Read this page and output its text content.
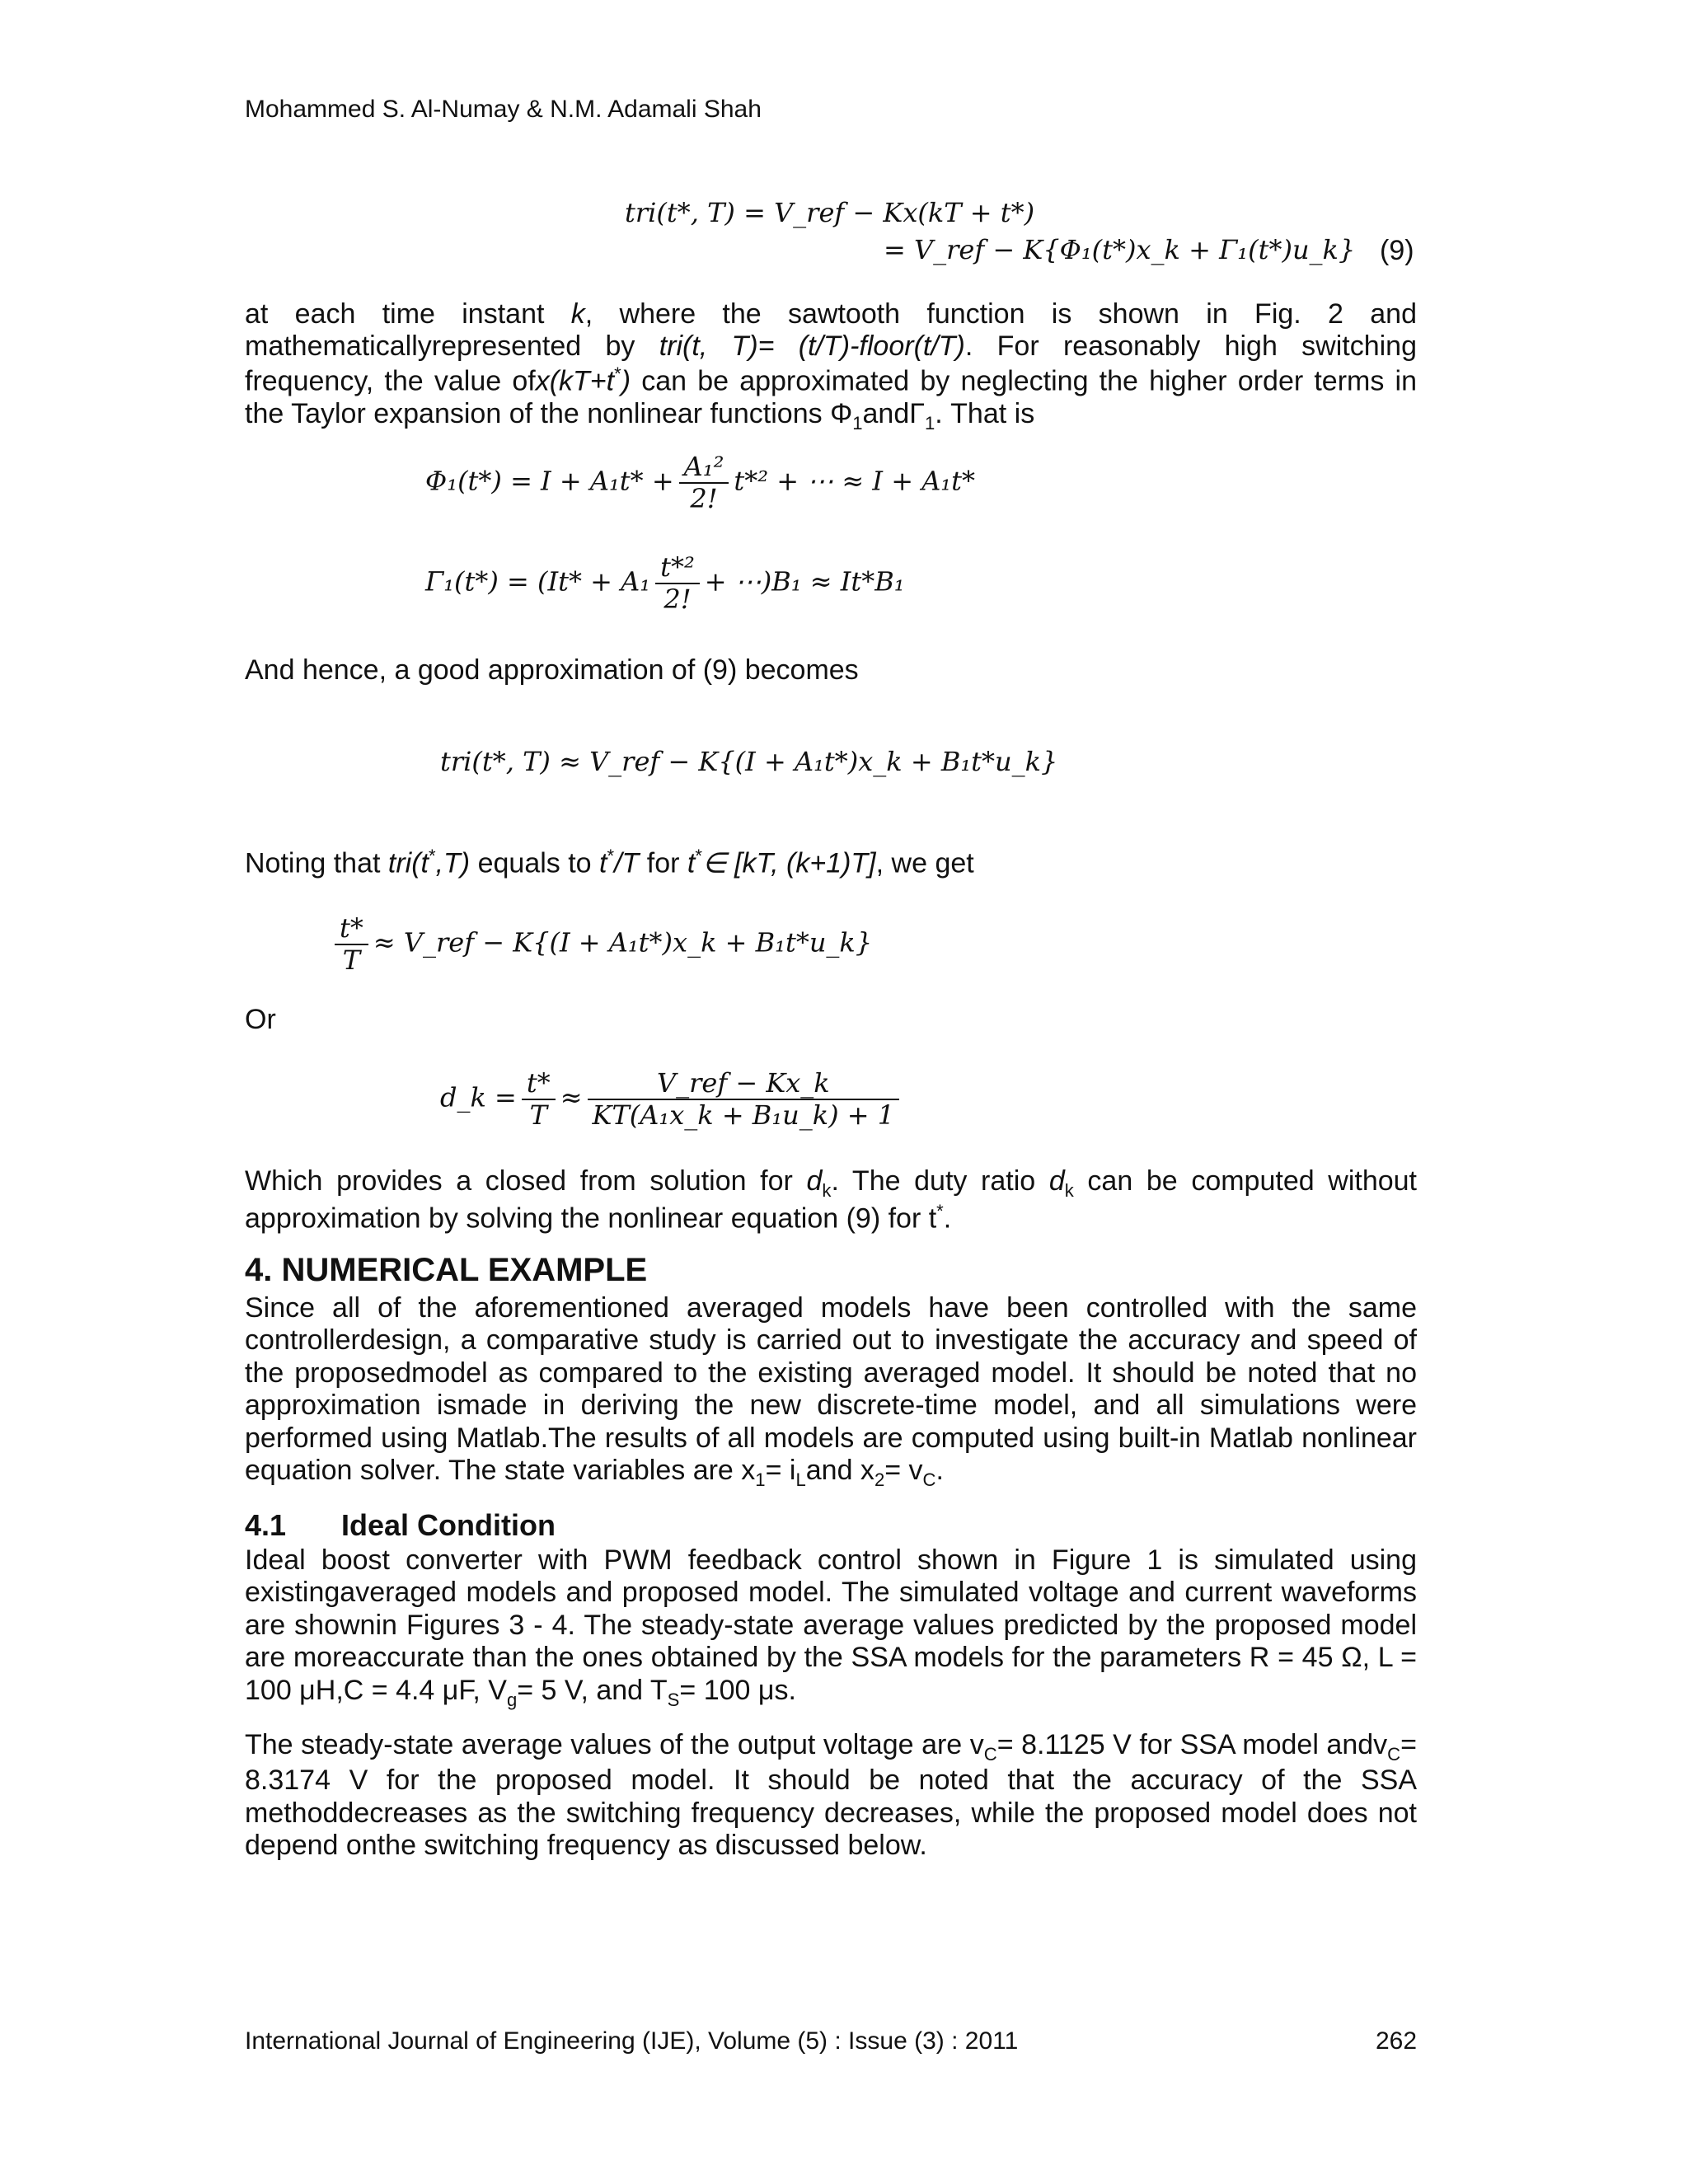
Mohammed S. Al-Numay & N.M. Adamali Shah
tri(t*, T) = V_ref − Kx(kT + t*)
= V_ref − K{Φ₁(t*)x_k + Γ₁(t*)u_k} (9)

at each time instant k, where the sawtooth function is shown in Fig. 2 and mathematicallyrepresented by tri(t, T)= (t/T)-floor(t/T). For reasonably high switching frequency, the value ofx(kT+t*) can be approximated by neglecting the higher order terms in the Taylor expansion of the nonlinear functions $\Phi_1and\Gamma_1$. That is

$\Phi_1(t*) = I + A_1t* + \frac{\text{A₁²}}{2!} t*^2$ + ⋯ ≈ I + A₁t*
$\Gamma_1(t*) = (It* + A_1 \frac{\text{t*²}}{2!}$ + ⋯)B₁ ≈ It*B₁
And hence, a good approximation of (9) becomes
tri(t*, T) ≈ V_ref − K{(I + A₁t*)x_k + B₁t*u_k}

Noting that tri(t*,T) equals to t*/T for t*∈ [kT, (k+1)T], we get

$\frac{t*}{T}$ ≈ V_ref − K{(I + A₁t*)x_k + B₁t*u_k}
Or
d_k = $\frac{t*}{T} \approx \frac{\text{V\_ref − Kx\_k}}{\text{KT(A₁x\_k + B₁u\_k) + 1}}$

Which provides a closed from solution for $d_k$. The duty ratio $d_k$ can be computed without approximation by solving the nonlinear equation (9) for t*.

4. NUMERICAL EXAMPLE

Since all of the aforementioned averaged models have been controlled with the same controllerdesign, a comparative study is carried out to investigate the accuracy and speed of the proposedmodel as compared to the existing averaged model. It should be noted that no approximation ismade in deriving the new discrete-time model, and all simulations were performed using Matlab.The results of all models are computed using built-in Matlab nonlinear equation solver. The state variables are $x_1= i_Land$ $x_2= v_C$.

4.1 Ideal Condition

Ideal boost converter with PWM feedback control shown in Figure 1 is simulated using existingaveraged models and proposed model. The simulated voltage and current waveforms are shownin Figures 3 - 4. The steady-state average values predicted by the proposed model are moreaccurate than the ones obtained by the SSA models for the parameters R = 45 Ω, L = 100 μH,C = 4.4 μF, $V_g= 5$ V, and $T_S= 100$ μs.

The steady-state average values of the output voltage are $v_C= 8.1125$ V for SSA model andv$_C$= 8.3174 V for the proposed model. It should be noted that the accuracy of the SSA methoddecreases as the switching frequency decreases, while the proposed model does not depend onthe switching frequency as discussed below.

International Journal of Engineering (IJE), Volume (5) : Issue (3) : 2011	262
